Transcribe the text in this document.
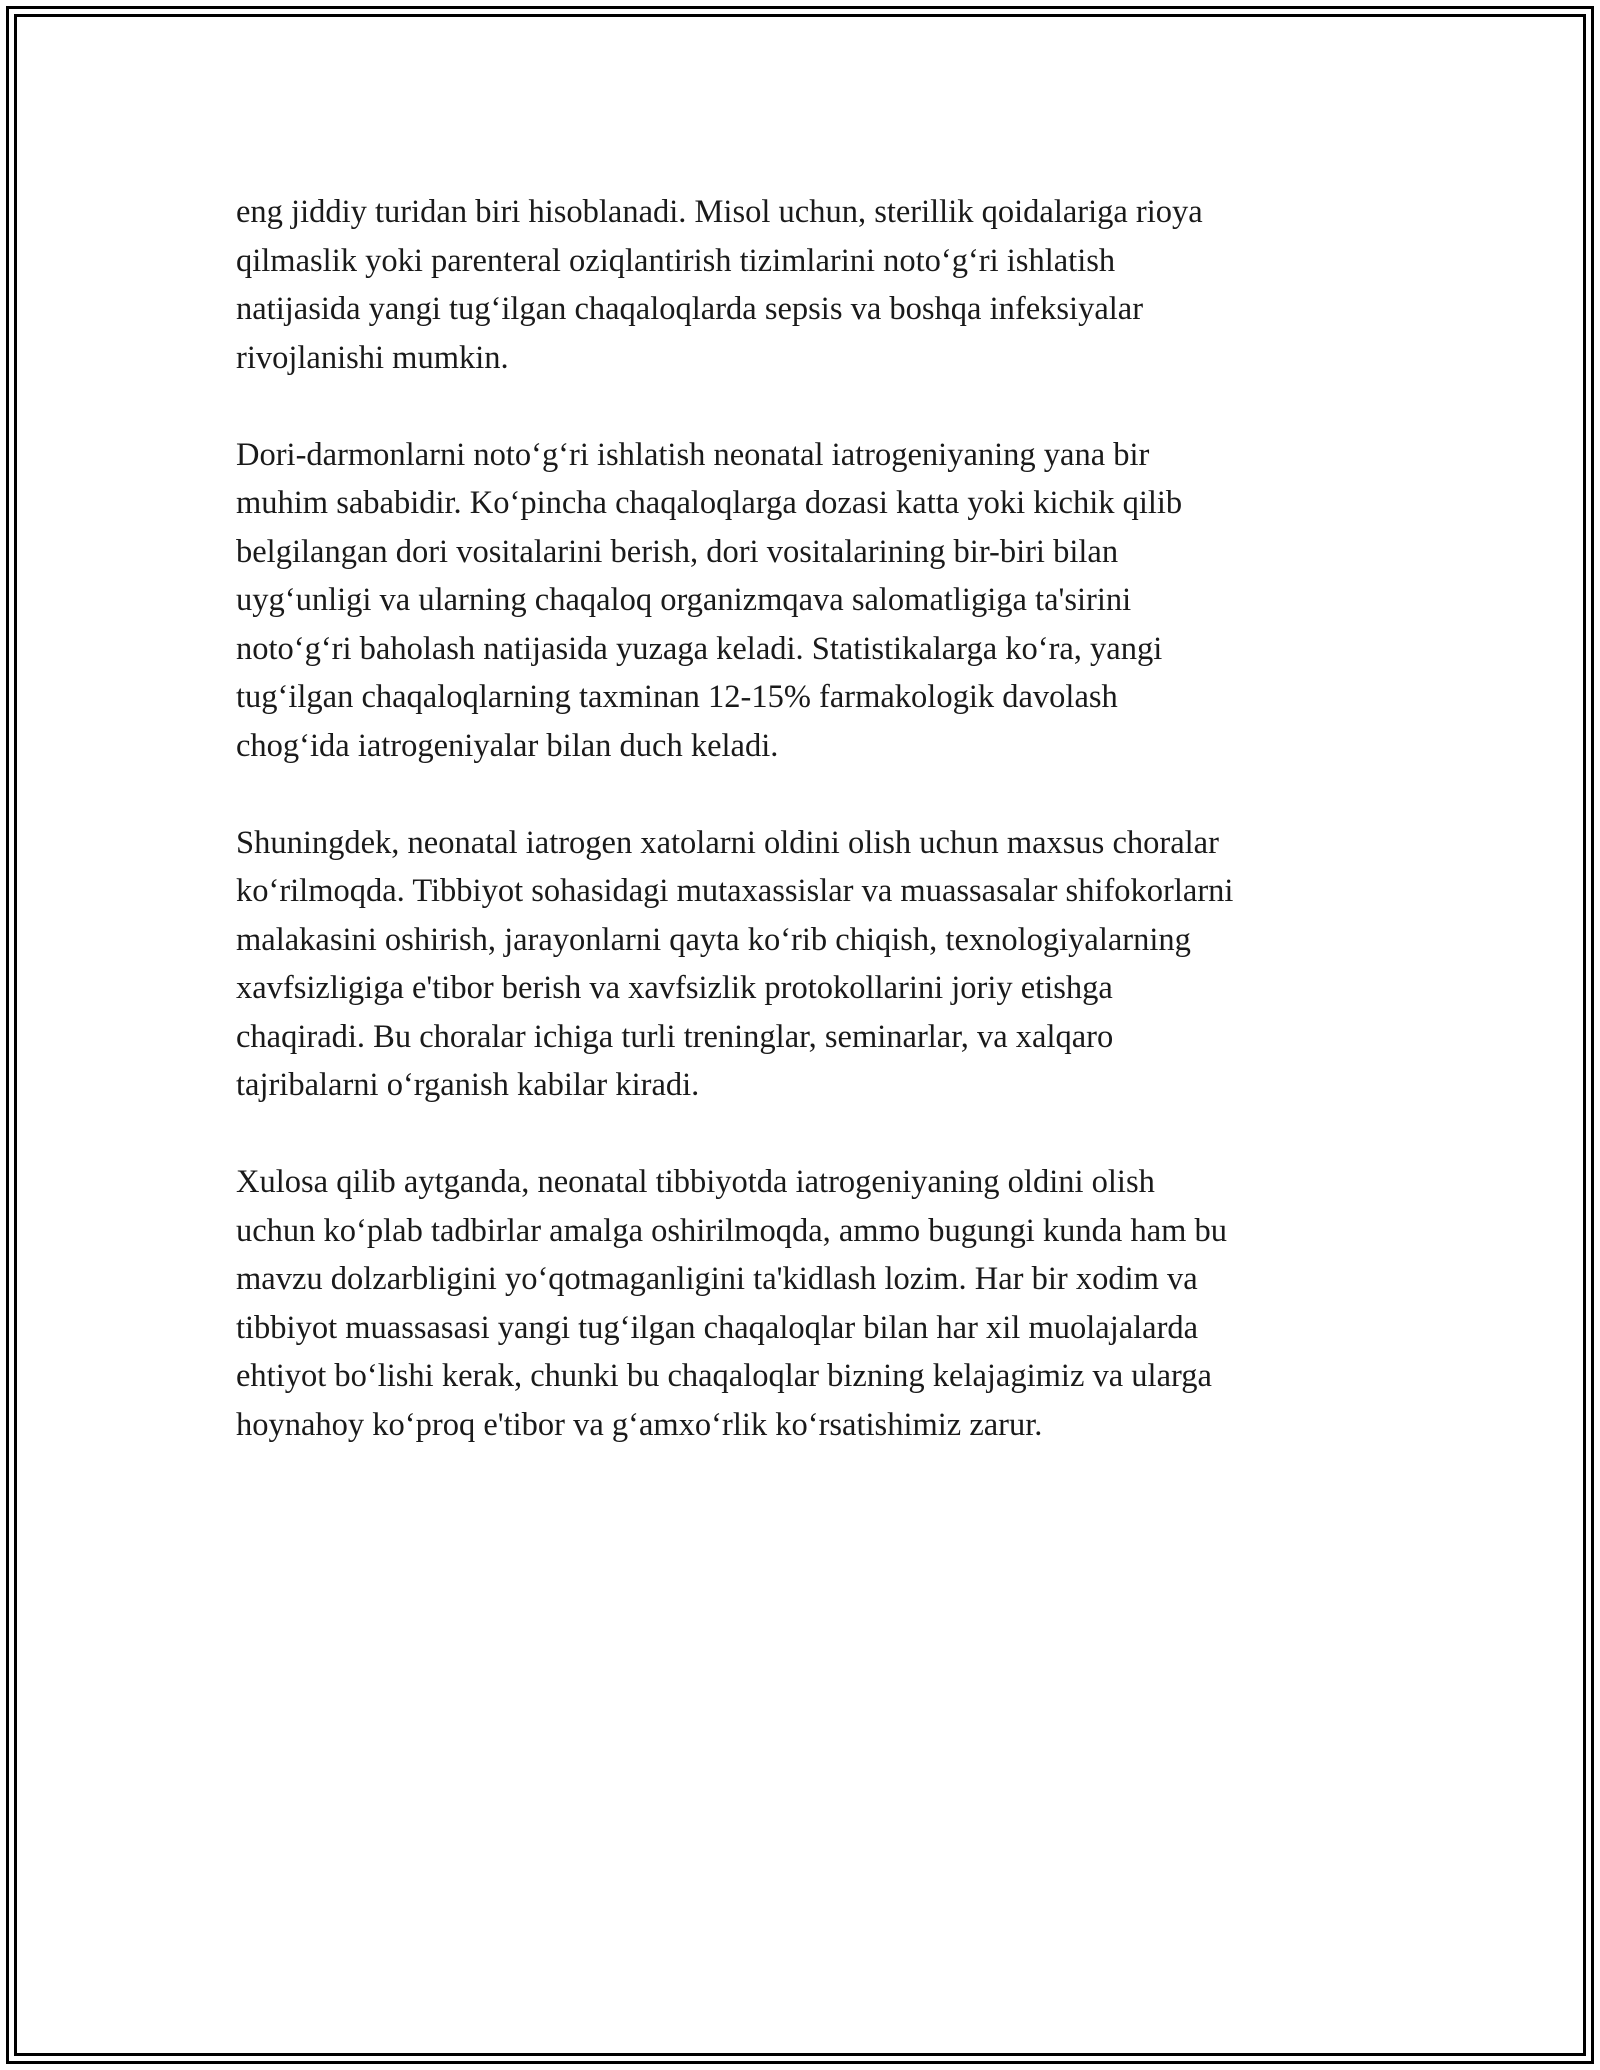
eng jiddiy turidan biri hisoblanadi. Misol uchun, sterillik qoidalariga rioya
qilmaslik yoki parenteral oziqlantirish tizimlarini noto‘g‘ri ishlatish
natijasida yangi tug‘ilgan chaqaloqlarda sepsis va boshqa infeksiyalar
rivojlanishi mumkin.

Dori-darmonlarni noto‘g‘ri ishlatish neonatal iatrogeniyaning yana bir
muhim sababidir. Ko‘pincha chaqaloqlarga dozasi katta yoki kichik qilib
belgilangan dori vositalarini berish, dori vositalarining bir-biri bilan
uyg‘unligi va ularning chaqaloq organizmqava salomatligiga ta'sirini
noto‘g‘ri baholash natijasida yuzaga keladi. Statistikalarga ko‘ra, yangi
tug‘ilgan chaqaloqlarning taxminan 12-15% farmakologik davolash
chog‘ida iatrogeniyalar bilan duch keladi.

Shuningdek, neonatal iatrogen xatolarni oldini olish uchun maxsus choralar
ko‘rilmoqda. Tibbiyot sohasidagi mutaxassislar va muassasalar shifokorlarni
malakasini oshirish, jarayonlarni qayta ko‘rib chiqish, texnologiyalarning
xavfsizligiga e'tibor berish va xavfsizlik protokollarini joriy etishga
chaqiradi. Bu choralar ichiga turli treninglar, seminarlar, va xalqaro
tajribalarni o‘rganish kabilar kiradi.

Xulosa qilib aytganda, neonatal tibbiyotda iatrogeniyaning oldini olish
uchun ko‘plab tadbirlar amalga oshirilmoqda, ammo bugungi kunda ham bu
mavzu dolzarbligini yo‘qotmaganligini ta'kidlash lozim. Har bir xodim va
tibbiyot muassasasi yangi tug‘ilgan chaqaloqlar bilan har xil muolajalarda
ehtiyot bo‘lishi kerak, chunki bu chaqaloqlar bizning kelajagimiz va ularga
hoynahoy ko‘proq e'tibor va g‘amxo‘rlik ko‘rsatishimiz zarur.
